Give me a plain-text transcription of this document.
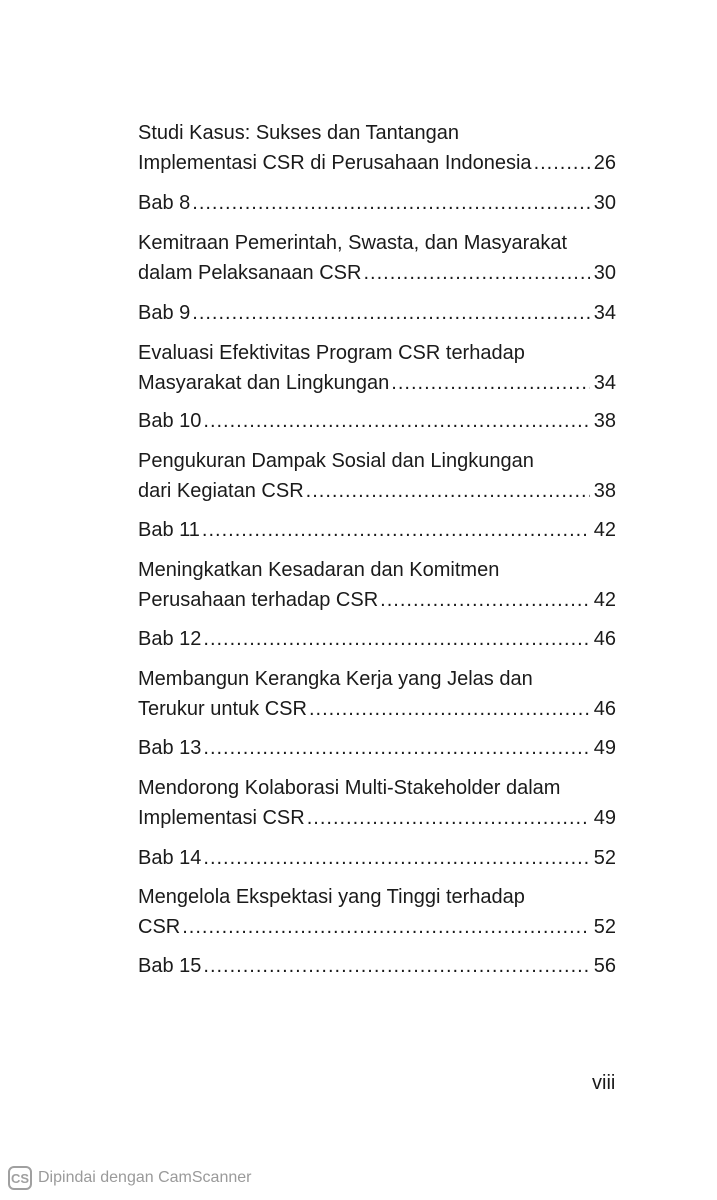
Studi Kasus: Sukses dan Tantangan
Implementasi CSR di Perusahaan Indonesia .....	26
Bab 8 .....	30
Kemitraan Pemerintah, Swasta, dan Masyarakat
dalam Pelaksanaan CSR .....	30
Bab 9 .....	34
Evaluasi Efektivitas Program CSR terhadap
Masyarakat dan Lingkungan .....	34
Bab 10 .....	38
Pengukuran Dampak Sosial dan Lingkungan
dari Kegiatan CSR .....	38
Bab 11 .....	42
Meningkatkan Kesadaran dan Komitmen
Perusahaan terhadap CSR .....	42
Bab 12 .....	46
Membangun Kerangka Kerja yang Jelas dan
Terukur untuk CSR .....	46
Bab 13 .....	49
Mendorong Kolaborasi Multi-Stakeholder dalam
Implementasi CSR .....	49
Bab 14 .....	52
Mengelola Ekspektasi yang Tinggi terhadap
CSR .....	52
Bab 15 .....	56
viii
CS Dipindai dengan CamScanner
